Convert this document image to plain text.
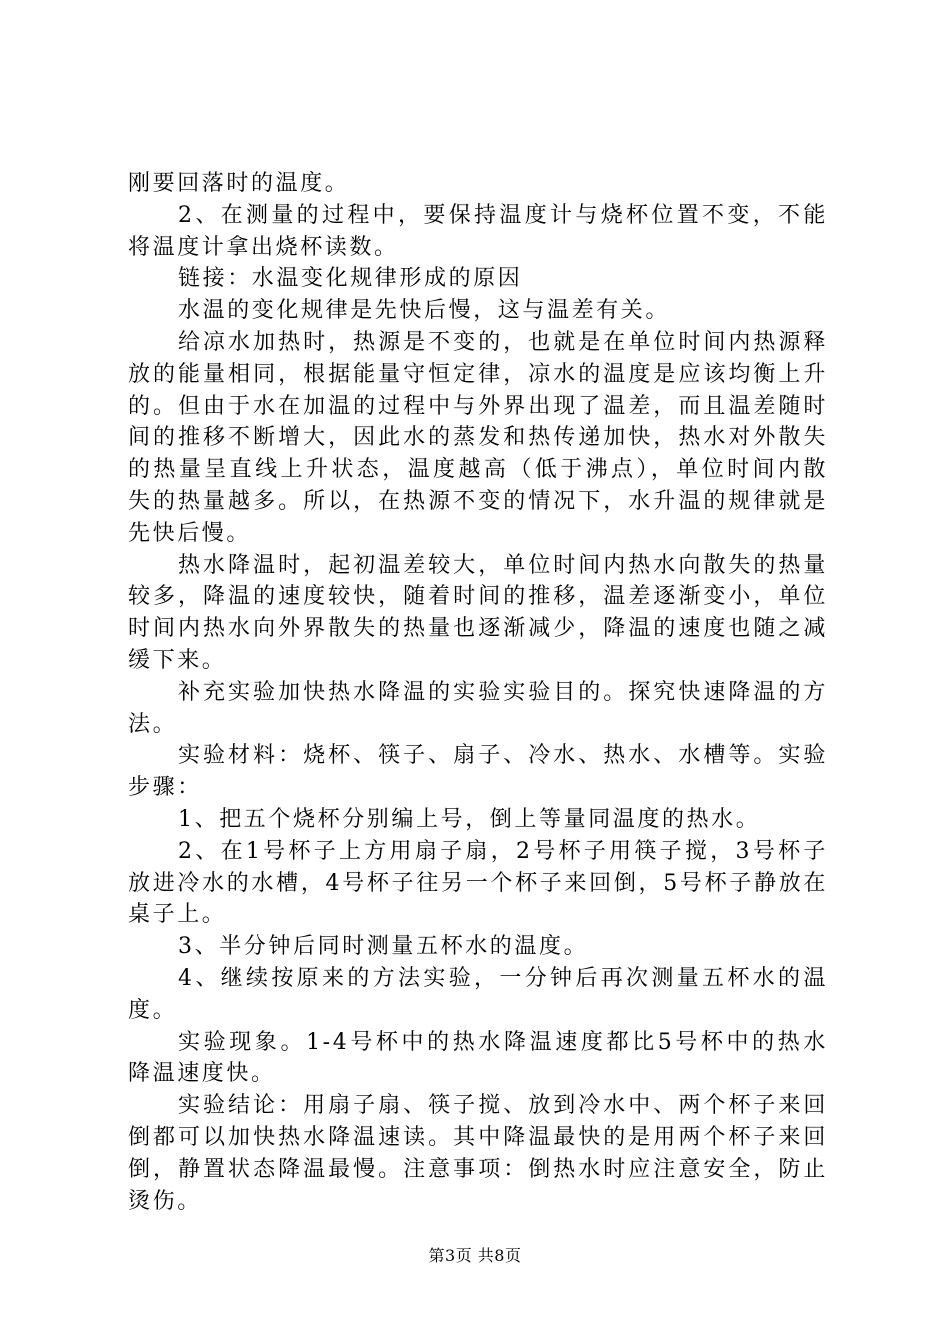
刚要回落时的温度。

2、在测量的过程中，要保持温度计与烧杯位置不变，不能将温度计拿出烧杯读数。

链接：水温变化规律形成的原因

水温的变化规律是先快后慢，这与温差有关。

给凉水加热时，热源是不变的，也就是在单位时间内热源释放的能量相同，根据能量守恒定律，凉水的温度是应该均衡上升的。但由于水在加温的过程中与外界出现了温差，而且温差随时间的推移不断增大，因此水的蒸发和热传递加快，热水对外散失的热量呈直线上升状态，温度越高（低于沸点），单位时间内散失的热量越多。所以，在热源不变的情况下，水升温的规律就是先快后慢。

热水降温时，起初温差较大，单位时间内热水向散失的热量较多，降温的速度较快，随着时间的推移，温差逐渐变小，单位时间内热水向外界散失的热量也逐渐减少，降温的速度也随之减缓下来。

补充实验加快热水降温的实验实验目的。探究快速降温的方法。

实验材料：烧杯、筷子、扇子、冷水、热水、水槽等。实验步骤：

1、把五个烧杯分别编上号，倒上等量同温度的热水。

2、在1号杯子上方用扇子扇，2号杯子用筷子搅，3号杯子放进冷水的水槽，4号杯子往另一个杯子来回倒，5号杯子静放在桌子上。

3、半分钟后同时测量五杯水的温度。

4、继续按原来的方法实验，一分钟后再次测量五杯水的温度。

实验现象。1-4号杯中的热水降温速度都比5号杯中的热水降温速度快。

实验结论：用扇子扇、筷子搅、放到冷水中、两个杯子来回倒都可以加快热水降温速读。其中降温最快的是用两个杯子来回倒，静置状态降温最慢。注意事项：倒热水时应注意安全，防止烫伤。

第3页 共8页
